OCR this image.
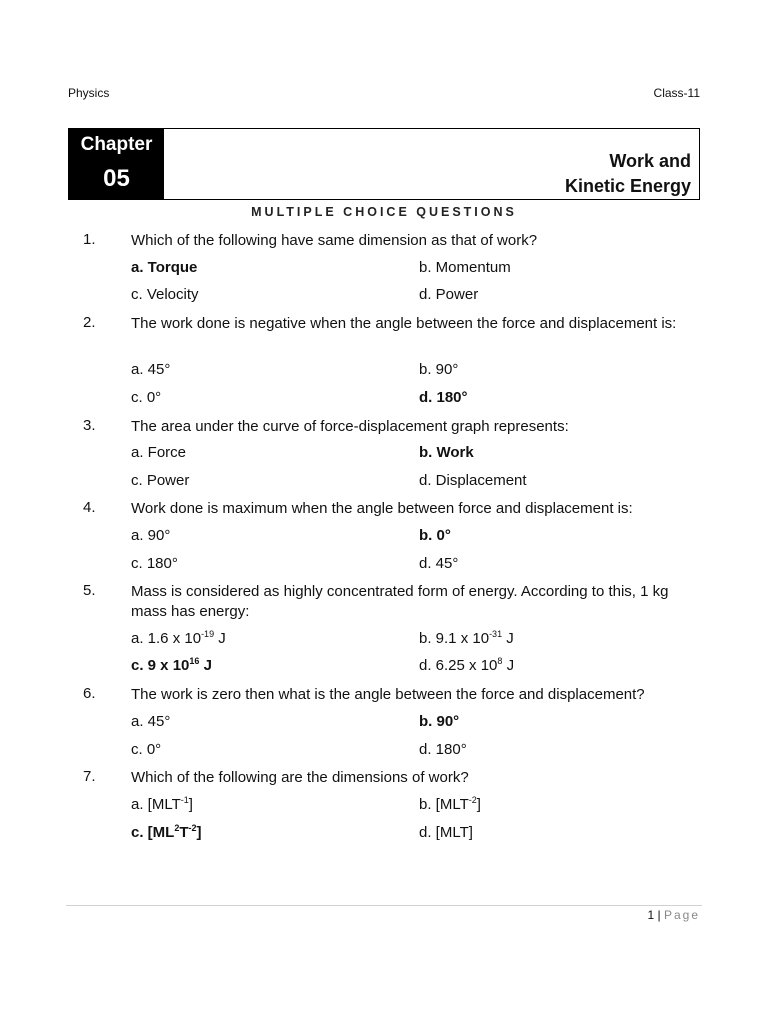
Physics	Class-11
Chapter
05
Work and
Kinetic Energy
MULTIPLE CHOICE QUESTIONS
1. Which of the following have same dimension as that of work?
a. Torque	b. Momentum
c. Velocity	d. Power
2. The work done is negative when the angle between the force and displacement is:
a. 45°	b. 90°
c. 0°	d. 180°
3. The area under the curve of force-displacement graph represents:
a. Force	b. Work
c. Power	d. Displacement
4. Work done is maximum when the angle between force and displacement is:
a. 90°	b. 0°
c. 180°	d. 45°
5. Mass is considered as highly concentrated form of energy. According to this, 1 kg mass has energy:
a. 1.6 x $10^{-19}$ J	b. 9.1 x $10^{-31}$ J
c. 9 x $10^{16}$ J	d. 6.25 x $10^8$ J
6. The work is zero then what is the angle between the force and displacement?
a. 45°	b. 90°
c. 0°	d. 180°
7. Which of the following are the dimensions of work?
a. $[MLT^{-1}]$	b. $[MLT^{-2}]$
c. $[ML^2T^{-2}]$	d. [MLT]
1 | Page
